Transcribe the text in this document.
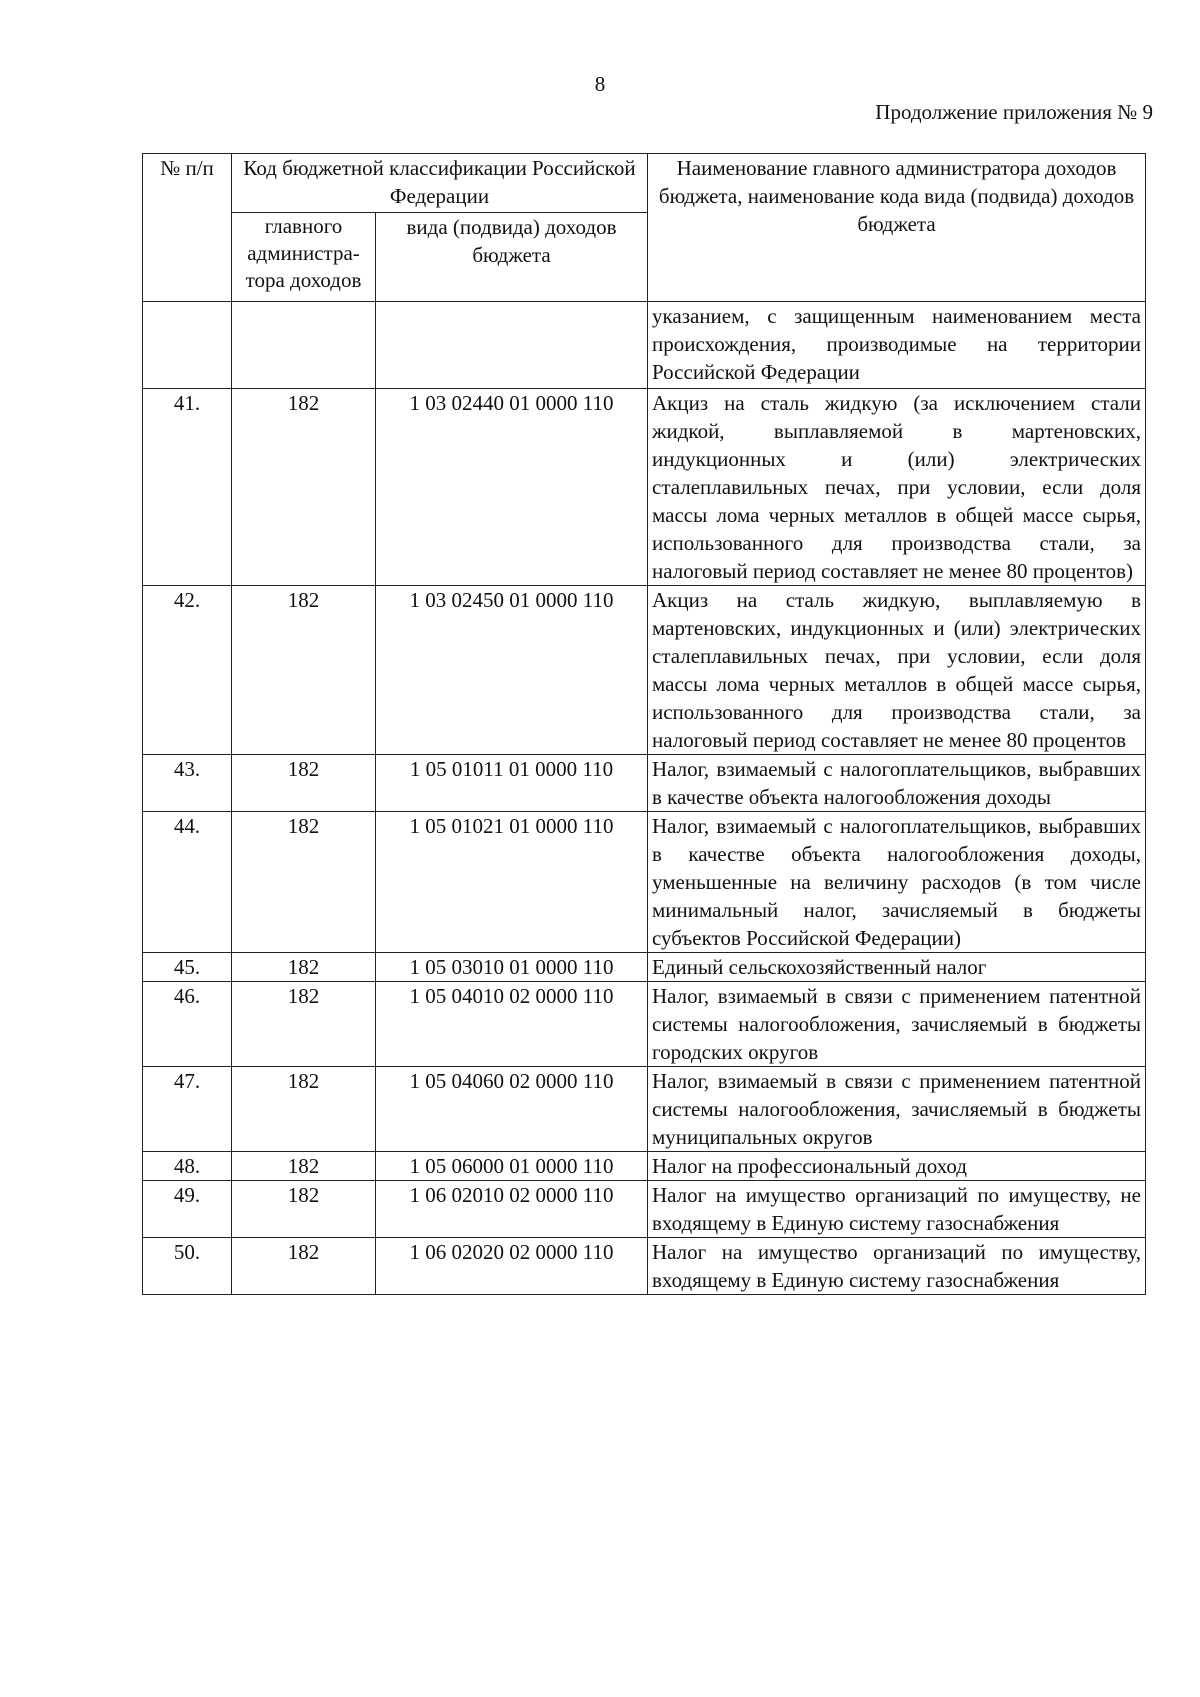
8
Продолжение приложения № 9
№ п/п	Код бюджетной классификации Российской Федерации		Наименование главного администратора доходов бюджета, наименование кода вида (подвида) доходов бюджета
	главного администра-тора доходов	вида (подвида) доходов бюджета	
			указанием, с защищенным наименованием места происхождения, производимые на территории Российской Федерации
41.	182	1 03 02440 01 0000 110	Акциз на сталь жидкую (за исключением стали жидкой, выплавляемой в мартеновских, индукционных и (или) электрических сталеплавильных печах, при условии, если доля массы лома черных металлов в общей массе сырья, использованного для производства стали, за налоговый период составляет не менее 80 процентов)
42.	182	1 03 02450 01 0000 110	Акциз на сталь жидкую, выплавляемую в мартеновских, индукционных и (или) электрических сталеплавильных печах, при условии, если доля массы лома черных металлов в общей массе сырья, использованного для производства стали, за налоговый период составляет не менее 80 процентов
43.	182	1 05 01011 01 0000 110	Налог, взимаемый с налогоплательщиков, выбравших в качестве объекта налогообложения доходы
44.	182	1 05 01021 01 0000 110	Налог, взимаемый с налогоплательщиков, выбравших в качестве объекта налогообложения доходы, уменьшенные на величину расходов (в том числе минимальный налог, зачисляемый в бюджеты субъектов Российской Федерации)
45.	182	1 05 03010 01 0000 110	Единый сельскохозяйственный налог
46.	182	1 05 04010 02 0000 110	Налог, взимаемый в связи с применением патентной системы налогообложения, зачисляемый в бюджеты городских округов
47.	182	1 05 04060 02 0000 110	Налог, взимаемый в связи с применением патентной системы налогообложения, зачисляемый в бюджеты муниципальных округов
48.	182	1 05 06000 01 0000 110	Налог на профессиональный доход
49.	182	1 06 02010 02 0000 110	Налог на имущество организаций по имуществу, не входящему в Единую систему газоснабжения
50.	182	1 06 02020 02 0000 110	Налог на имущество организаций по имуществу, входящему в Единую систему газоснабжения
